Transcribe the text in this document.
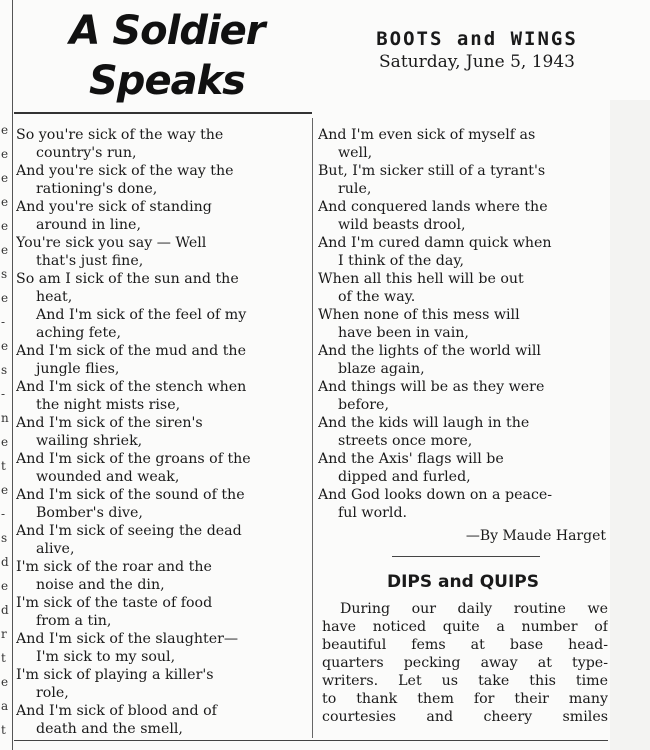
e
e
e
e
e
e
s
e
-
e
s
-
n
e
t
e
-
s
d
e
d
r
t
e
a
t
A Soldier
Speaks
BOOTS and WINGS
Saturday, June 5, 1943
So you're sick of the way the
country's run,
And you're sick of the way the
rationing's done,
And you're sick of standing
around in line,
You're sick you say — Well
that's just fine,
So am I sick of the sun and the
heat,
And I'm sick of the feel of my
aching fete,
And I'm sick of the mud and the
jungle flies,
And I'm sick of the stench when
the night mists rise,
And I'm sick of the siren's
wailing shriek,
And I'm sick of the groans of the
wounded and weak,
And I'm sick of the sound of the
Bomber's dive,
And I'm sick of seeing the dead
alive,
I'm sick of the roar and the
noise and the din,
I'm sick of the taste of food
from a tin,
And I'm sick of the slaughter—
I'm sick to my soul,
I'm sick of playing a killer's
role,
And I'm sick of blood and of
death and the smell,
And I'm even sick of myself as
well,
But, I'm sicker still of a tyrant's
rule,
And conquered lands where the
wild beasts drool,
And I'm cured damn quick when
I think of the day,
When all this hell will be out
of the way.
When none of this mess will
have been in vain,
And the lights of the world will
blaze again,
And things will be as they were
before,
And the kids will laugh in the
streets once more,
And the Axis' flags will be
dipped and furled,
And God looks down on a peace-
ful world.
—By Maude Harget
DIPS and QUIPS
During our daily routine we
have noticed quite a number of
beautiful fems at base head-
quarters pecking away at type-
writers. Let us take this time
to thank them for their many
courtesies and cheery smiles
